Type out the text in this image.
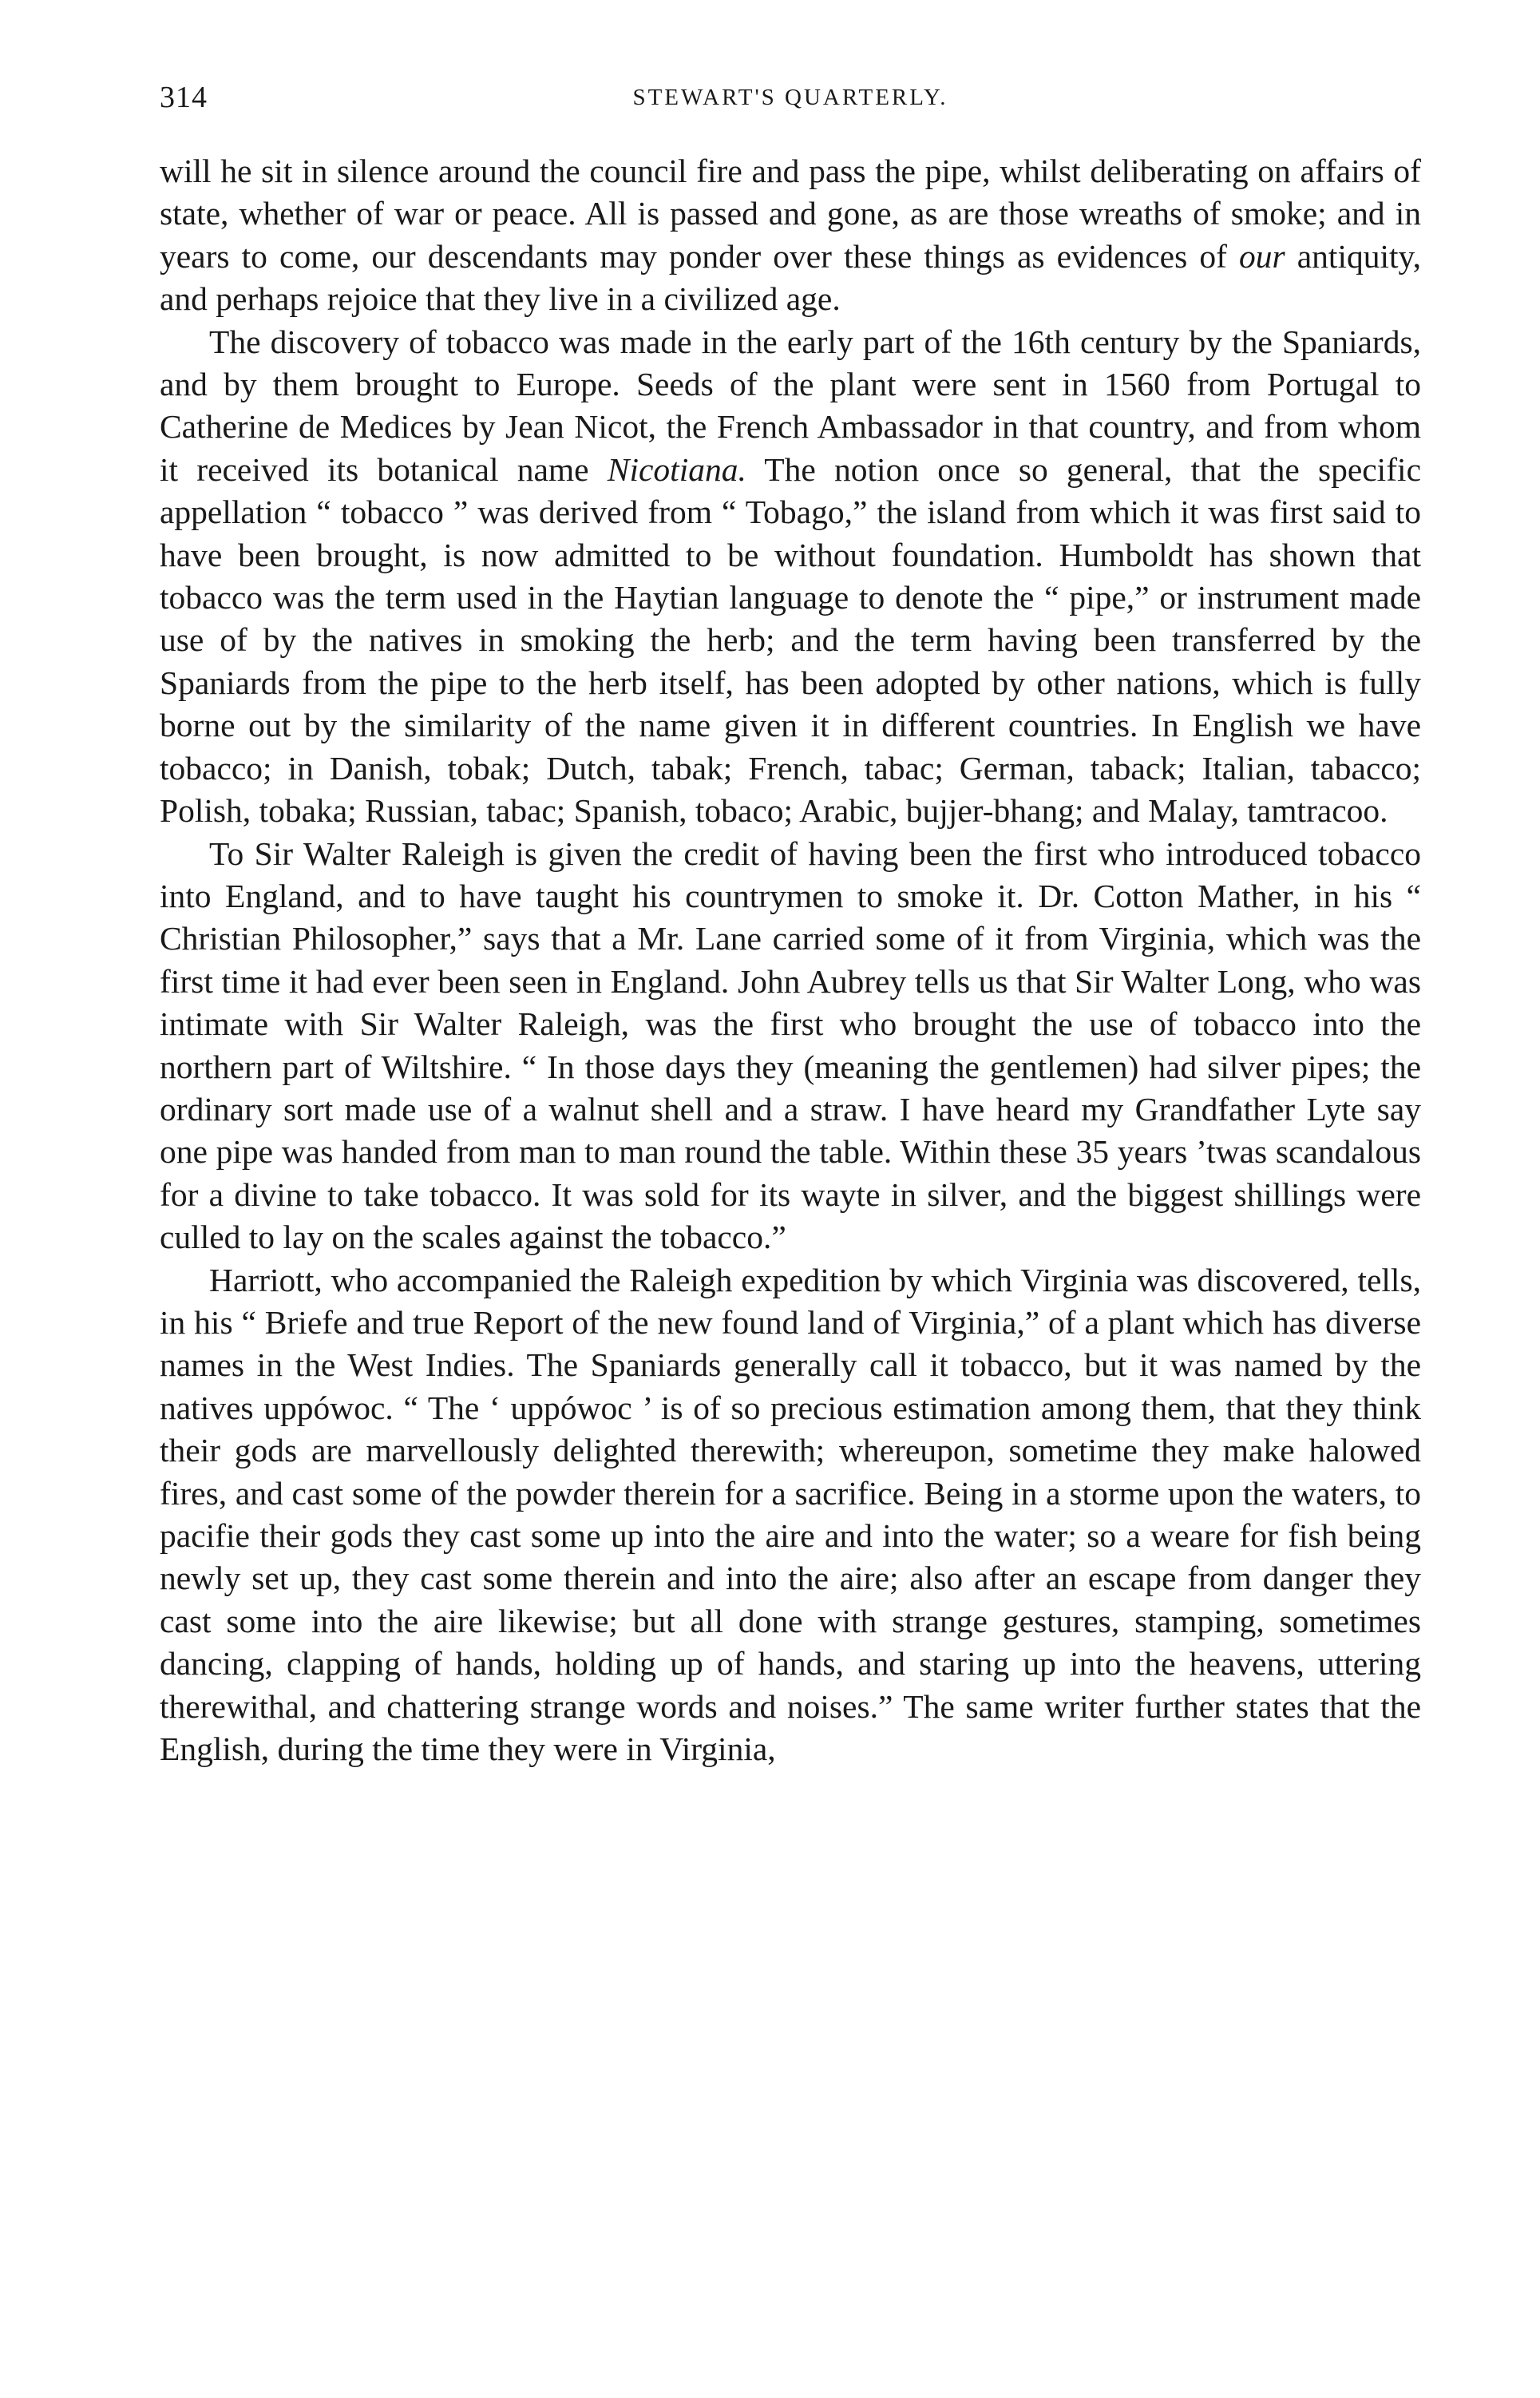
314	STEWART'S QUARTERLY.

will he sit in silence around the council fire and pass the pipe, whilst deliberating on affairs of state, whether of war or peace. All is passed and gone, as are those wreaths of smoke; and in years to come, our descendants may ponder over these things as evidences of our antiquity, and perhaps rejoice that they live in a civilized age.

The discovery of tobacco was made in the early part of the 16th century by the Spaniards, and by them brought to Europe. Seeds of the plant were sent in 1560 from Portugal to Catherine de Medices by Jean Nicot, the French Ambassador in that country, and from whom it received its botanical name Nicotiana. The notion once so general, that the specific appellation “ tobacco ” was derived from “ Tobago,” the island from which it was first said to have been brought, is now admitted to be without foundation. Humboldt has shown that tobacco was the term used in the Haytian language to denote the “ pipe,” or instrument made use of by the natives in smoking the herb; and the term having been transferred by the Spaniards from the pipe to the herb itself, has been adopted by other nations, which is fully borne out by the similarity of the name given it in different countries. In English we have tobacco; in Danish, tobak; Dutch, tabak; French, tabac; German, taback; Italian, tabacco; Polish, tobaka; Russian, tabac; Spanish, tobaco; Arabic, bujjer-bhang; and Malay, tamtracoo.

To Sir Walter Raleigh is given the credit of having been the first who introduced tobacco into England, and to have taught his countrymen to smoke it. Dr. Cotton Mather, in his “ Christian Philosopher,” says that a Mr. Lane carried some of it from Virginia, which was the first time it had ever been seen in England. John Aubrey tells us that Sir Walter Long, who was intimate with Sir Walter Raleigh, was the first who brought the use of tobacco into the northern part of Wiltshire. “ In those days they (meaning the gentlemen) had silver pipes; the ordinary sort made use of a walnut shell and a straw. I have heard my Grandfather Lyte say one pipe was handed from man to man round the table. Within these 35 years ’twas scandalous for a divine to take tobacco. It was sold for its wayte in silver, and the biggest shillings were culled to lay on the scales against the tobacco.”

Harriott, who accompanied the Raleigh expedition by which Virginia was discovered, tells, in his “ Briefe and true Report of the new found land of Virginia,” of a plant which has diverse names in the West Indies. The Spaniards generally call it tobacco, but it was named by the natives uppówoc. “ The ‘ uppówoc ’ is of so precious estimation among them, that they think their gods are marvellously delighted therewith; whereupon, sometime they make halowed fires, and cast some of the powder therein for a sacrifice. Being in a storme upon the waters, to pacifie their gods they cast some up into the aire and into the water; so a weare for fish being newly set up, they cast some therein and into the aire; also after an escape from danger they cast some into the aire likewise; but all done with strange gestures, stamping, sometimes dancing, clapping of hands, holding up of hands, and staring up into the heavens, uttering therewithal, and chattering strange words and noises.” The same writer further states that the English, during the time they were in Virginia,
